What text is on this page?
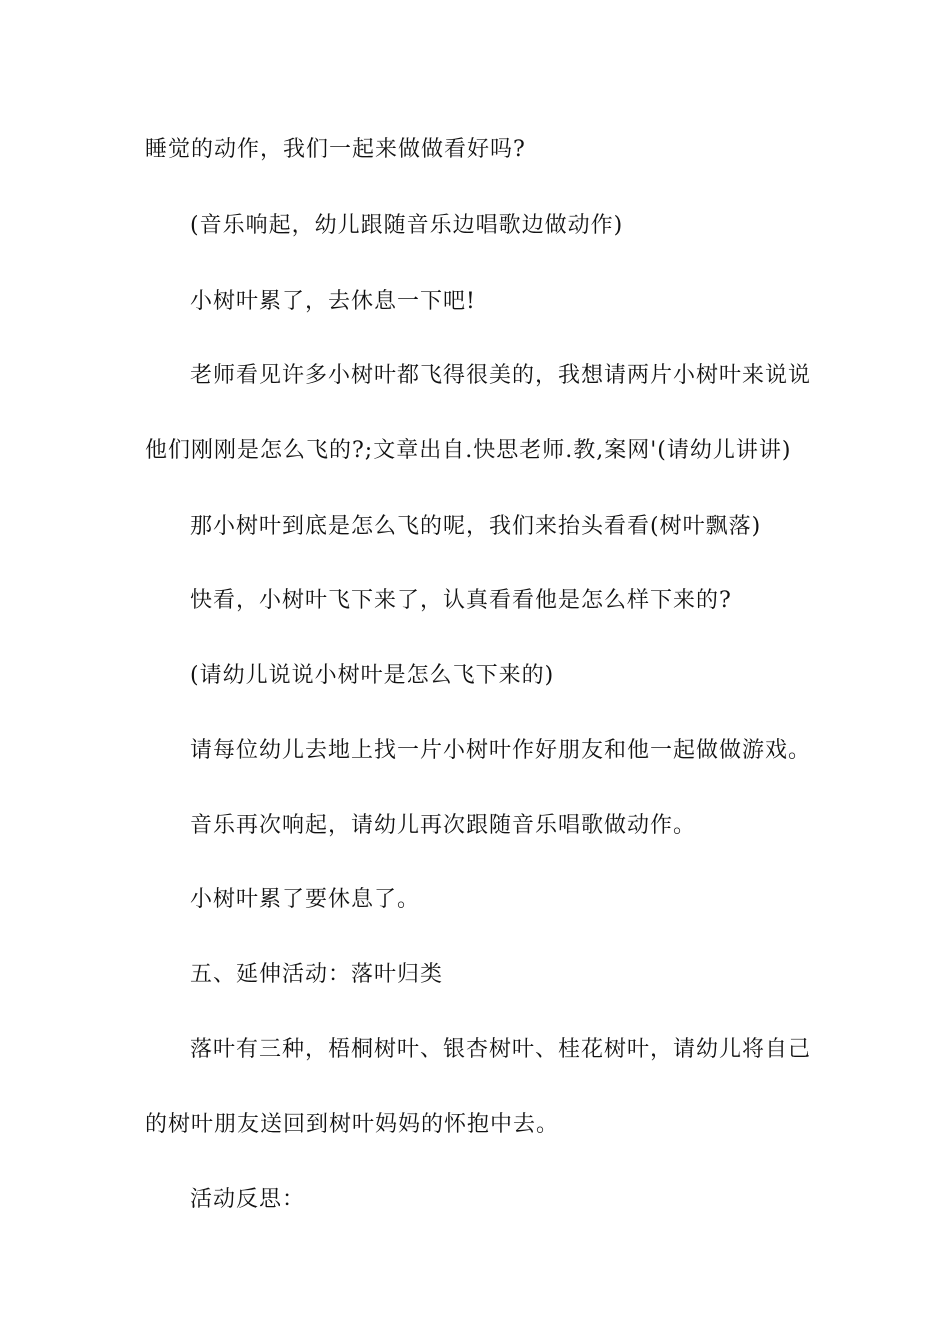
睡觉的动作，我们一起来做做看好吗?
(音乐响起，幼儿跟随音乐边唱歌边做动作)
小树叶累了，去休息一下吧!
老师看见许多小树叶都飞得很美的，我想请两片小树叶来说说
他们刚刚是怎么飞的?;文章出自.快思老师.教,案网'(请幼儿讲讲)
那小树叶到底是怎么飞的呢，我们来抬头看看(树叶飘落)
快看，小树叶飞下来了，认真看看他是怎么样下来的?
(请幼儿说说小树叶是怎么飞下来的)
请每位幼儿去地上找一片小树叶作好朋友和他一起做做游戏。
音乐再次响起，请幼儿再次跟随音乐唱歌做动作。
小树叶累了要休息了。
五、延伸活动：落叶归类
落叶有三种，梧桐树叶、银杏树叶、桂花树叶，请幼儿将自己
的树叶朋友送回到树叶妈妈的怀抱中去。
活动反思：
